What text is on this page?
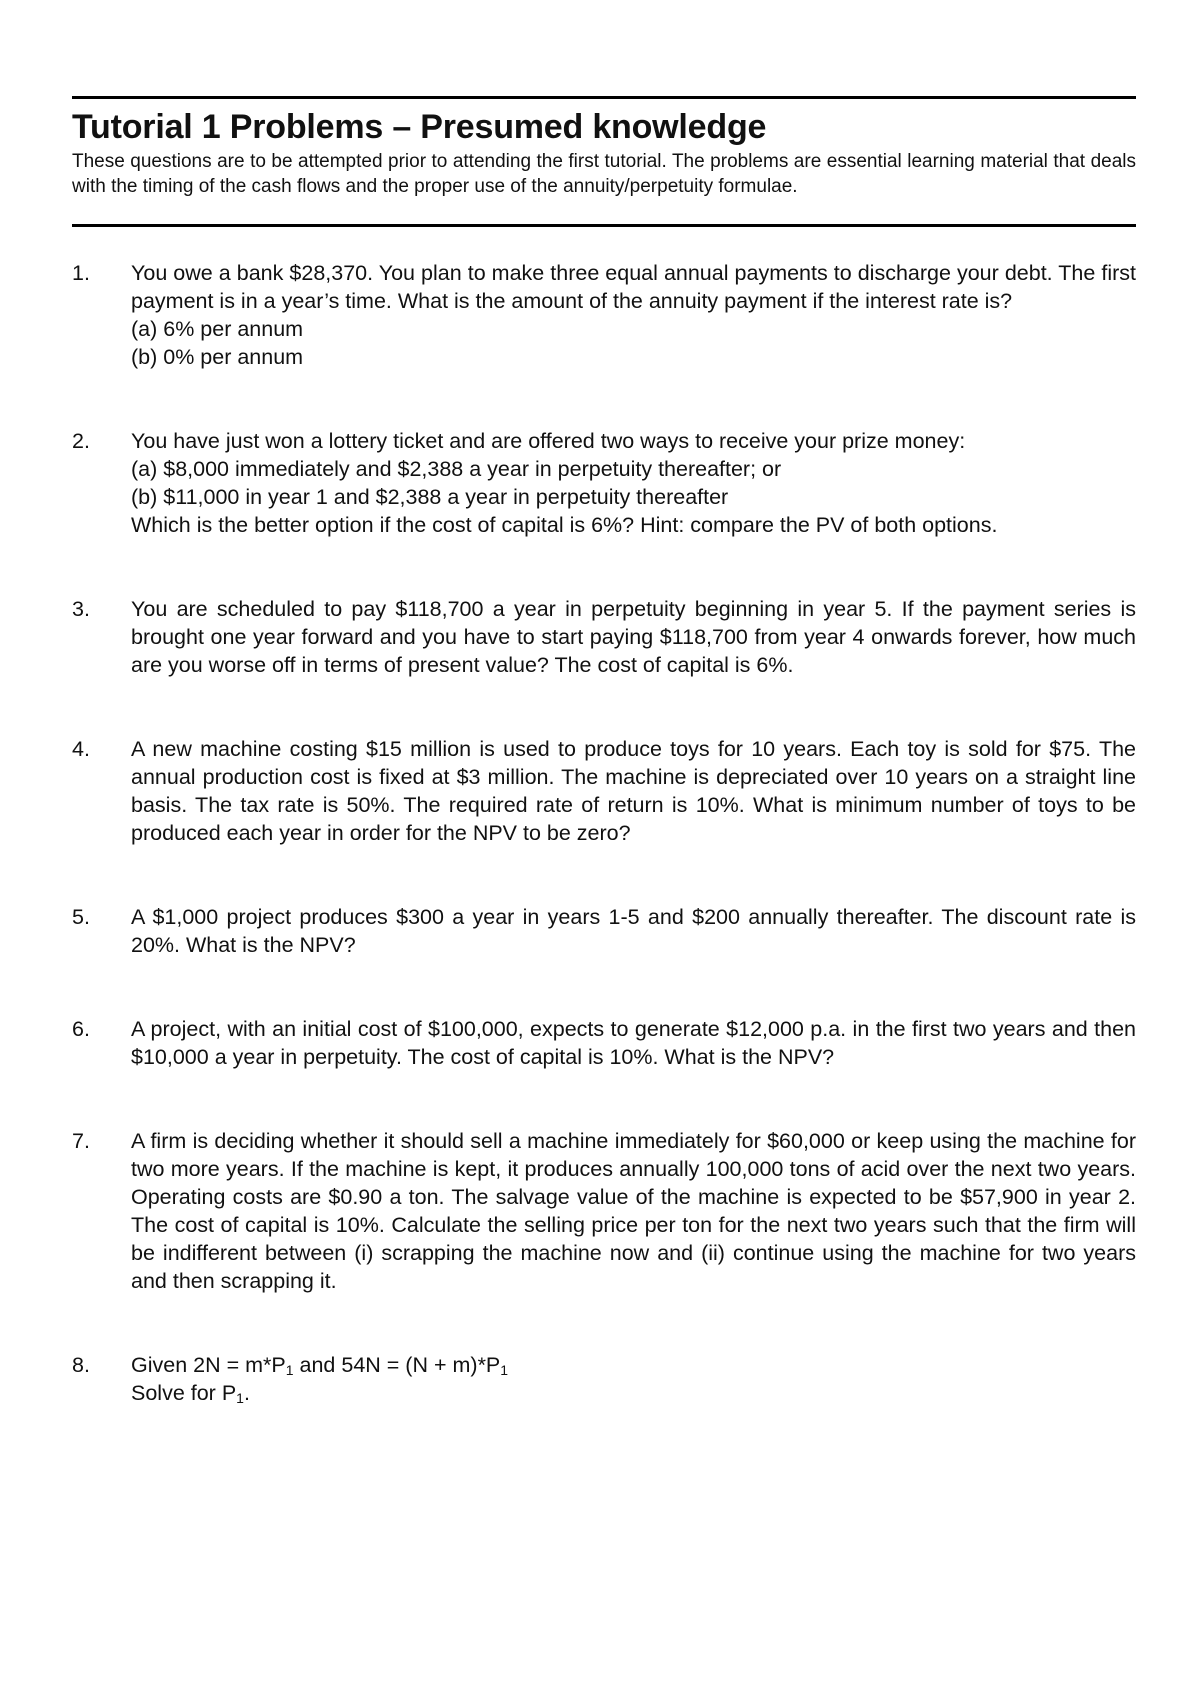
Tutorial 1 Problems – Presumed knowledge
These questions are to be attempted prior to attending the first tutorial. The problems are essential learning material that deals with the timing of the cash flows and the proper use of the annuity/perpetuity formulae.
1.	You owe a bank $28,370. You plan to make three equal annual payments to discharge your debt. The first payment is in a year’s time. What is the amount of the annuity payment if the interest rate is?
(a) 6% per annum
(b) 0% per annum
2.	You have just won a lottery ticket and are offered two ways to receive your prize money:
(a) $8,000 immediately and $2,388 a year in perpetuity thereafter; or
(b) $11,000 in year 1 and $2,388 a year in perpetuity thereafter
Which is the better option if the cost of capital is 6%? Hint: compare the PV of both options.
3.	You are scheduled to pay $118,700 a year in perpetuity beginning in year 5. If the payment series is brought one year forward and you have to start paying $118,700 from year 4 onwards forever, how much are you worse off in terms of present value? The cost of capital is 6%.
4.	A new machine costing $15 million is used to produce toys for 10 years. Each toy is sold for $75. The annual production cost is fixed at $3 million. The machine is depreciated over 10 years on a straight line basis. The tax rate is 50%. The required rate of return is 10%. What is minimum number of toys to be produced each year in order for the NPV to be zero?
5.	A $1,000 project produces $300 a year in years 1-5 and $200 annually thereafter. The discount rate is 20%. What is the NPV?
6.	A project, with an initial cost of $100,000, expects to generate $12,000 p.a. in the first two years and then $10,000 a year in perpetuity. The cost of capital is 10%. What is the NPV?
7.	A firm is deciding whether it should sell a machine immediately for $60,000 or keep using the machine for two more years. If the machine is kept, it produces annually 100,000 tons of acid over the next two years. Operating costs are $0.90 a ton. The salvage value of the machine is expected to be $57,900 in year 2. The cost of capital is 10%. Calculate the selling price per ton for the next two years such that the firm will be indifferent between (i) scrapping the machine now and (ii) continue using the machine for two years and then scrapping it.
8.	Given $2N = m*P_1$ and $54N = (N + m)*P_1$
Solve for $P_1$.
